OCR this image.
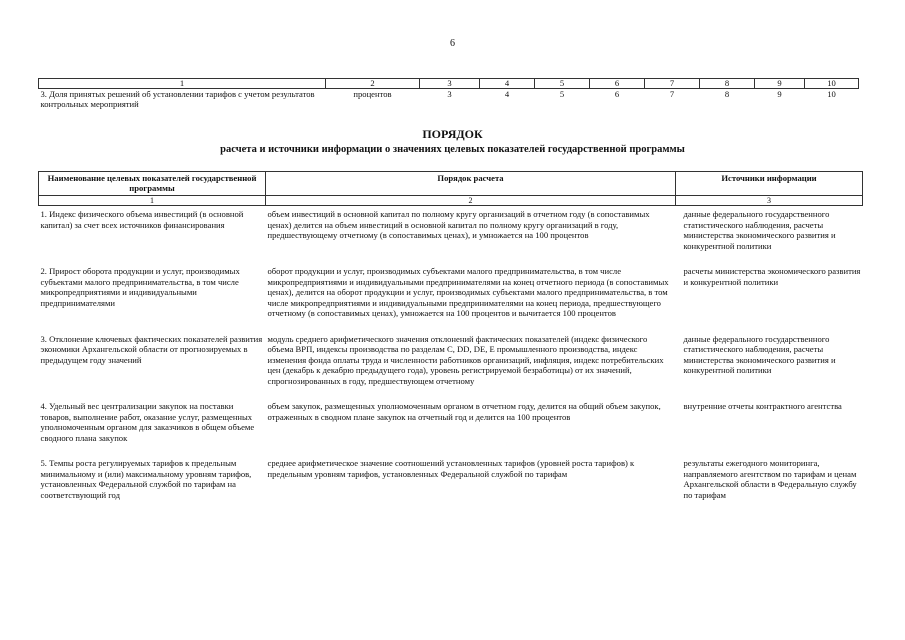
6
1	2	3	4	5	6	7	8	9	10
3. Доля принятых решений об установлении тарифов с учетом результатов контрольных мероприятий	процентов	3	4	5	6	7	8	9	10
ПОРЯДОК
расчета и источники информации о значениях целевых показателей государственной программы
Наименование целевых показателей государственной программы	Порядок расчета	Источники информации
1	2	3
1. Индекс физического объема инвестиций (в основной капитал) за счет всех источников финансирования	объем инвестиций в основной капитал по полному кругу организаций в отчетном году (в сопоставимых ценах) делится на объем инвестиций в основной капитал по полному кругу организаций в году, предшествующему отчетному (в сопоставимых ценах), и умножается на 100 процентов	данные федерального государственного статистического наблюдения, расчеты министерства экономического развития и конкурентной политики
2. Прирост оборота продукции и услуг, производимых субъектами малого предпринимательства, в том числе микропредприятиями и индивидуальными предпринимателями	оборот продукции и услуг, производимых субъектами малого предпринимательства, в том числе микропредприятиями и индивидуальными предпринимателями на конец отчетного периода (в сопоставимых ценах), делится на оборот продукции и услуг, производимых субъектами малого предпринимательства, в том числе микропредприятиями и индивидуальными предпринимателями на конец периода, предшествующего отчетному (в сопоставимых ценах), умножается на 100 процентов и вычитается 100 процентов	расчеты министерства экономического развития и конкурентной политики
3. Отклонение ключевых фактических показателей развития экономики Архангельской области от прогнозируемых в предыдущем году значений	модуль среднего арифметического значения отклонений фактических показателей (индекс физического объема ВРП, индексы производства по разделам C, DD, DE, E промышленного производства, индекс изменения фонда оплаты труда и численности работников организаций, инфляция, индекс потребительских цен (декабрь к декабрю предыдущего года), уровень регистрируемой безработицы) от их значений, спрогнозированных в году, предшествующем отчетному	данные федерального государственного статистического наблюдения, расчеты министерства экономического развития и конкурентной политики
4. Удельный вес централизации закупок на поставки товаров, выполнение работ, оказание услуг, размещенных уполномоченным органом для заказчиков в общем объеме сводного плана закупок	объем закупок, размещенных уполномоченным органом в отчетном году, делится на общий объем закупок, отраженных в сводном плане закупок на отчетный год и делится на 100 процентов	внутренние отчеты контрактного агентства
5. Темпы роста регулируемых тарифов к предельным минимальному и (или) максимальному уровням тарифов, установленных Федеральной службой по тарифам на соответствующий год	среднее арифметическое значение соотношений установленных тарифов (уровней роста тарифов) к предельным уровням тарифов, установленных Федеральной службой по тарифам	результаты ежегодного мониторинга, направляемого агентством по тарифам и ценам Архангельской области в Федеральную службу по тарифам
